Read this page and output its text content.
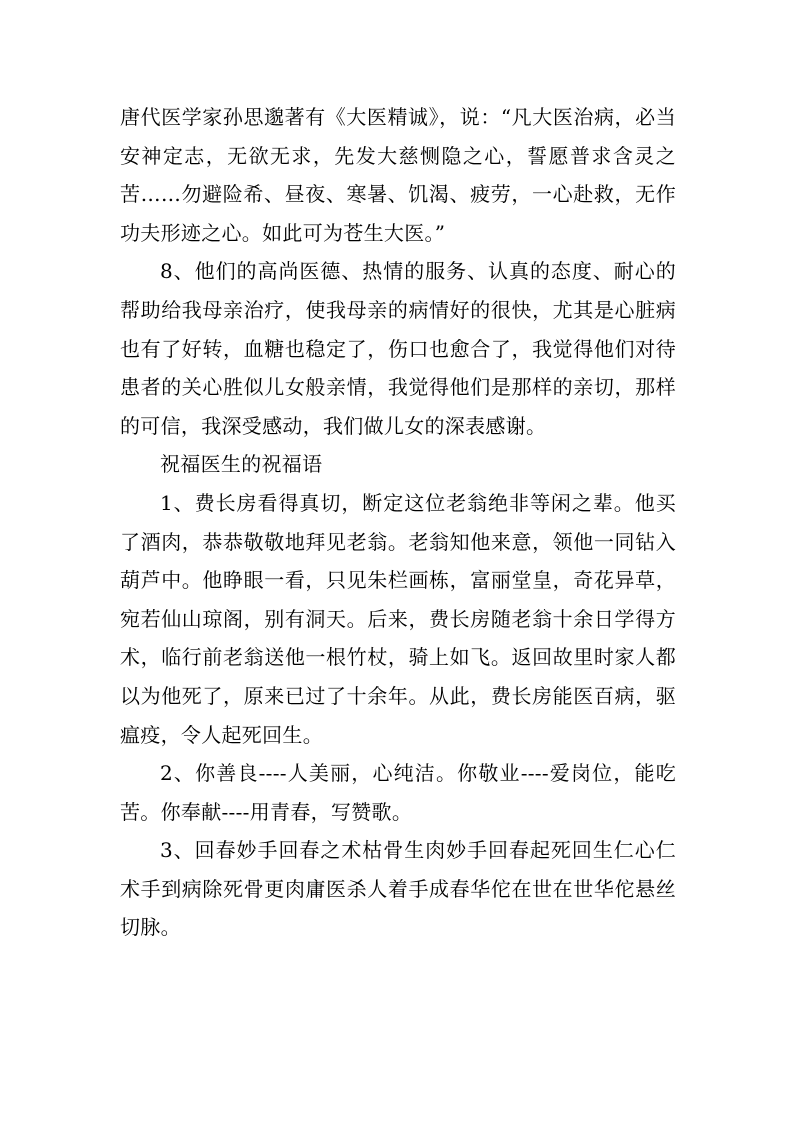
唐代医学家孙思邈著有《大医精诚》，说：“凡大医治病，必当安神定志，无欲无求，先发大慈恻隐之心，誓愿普求含灵之苦……勿避险希、昼夜、寒暑、饥渴、疲劳，一心赴救，无作功夫形迹之心。如此可为苍生大医。”

8、他们的高尚医德、热情的服务、认真的态度、耐心的帮助给我母亲治疗，使我母亲的病情好的很快，尤其是心脏病也有了好转，血糖也稳定了，伤口也愈合了，我觉得他们对待患者的关心胜似儿女般亲情，我觉得他们是那样的亲切，那样的可信，我深受感动，我们做儿女的深表感谢。

祝福医生的祝福语

1、费长房看得真切，断定这位老翁绝非等闲之辈。他买了酒肉，恭恭敬敬地拜见老翁。老翁知他来意，领他一同钻入葫芦中。他睁眼一看，只见朱栏画栋，富丽堂皇，奇花异草，宛若仙山琼阁，别有洞天。后来，费长房随老翁十余日学得方术，临行前老翁送他一根竹杖，骑上如飞。返回故里时家人都以为他死了，原来已过了十余年。从此，费长房能医百病，驱瘟疫，令人起死回生。

2、你善良----人美丽，心纯洁。你敬业----爱岗位，能吃苦。你奉献----用青春，写赞歌。

3、回春妙手回春之术枯骨生肉妙手回春起死回生仁心仁术手到病除死骨更肉庸医杀人着手成春华佗在世在世华佗悬丝切脉。
